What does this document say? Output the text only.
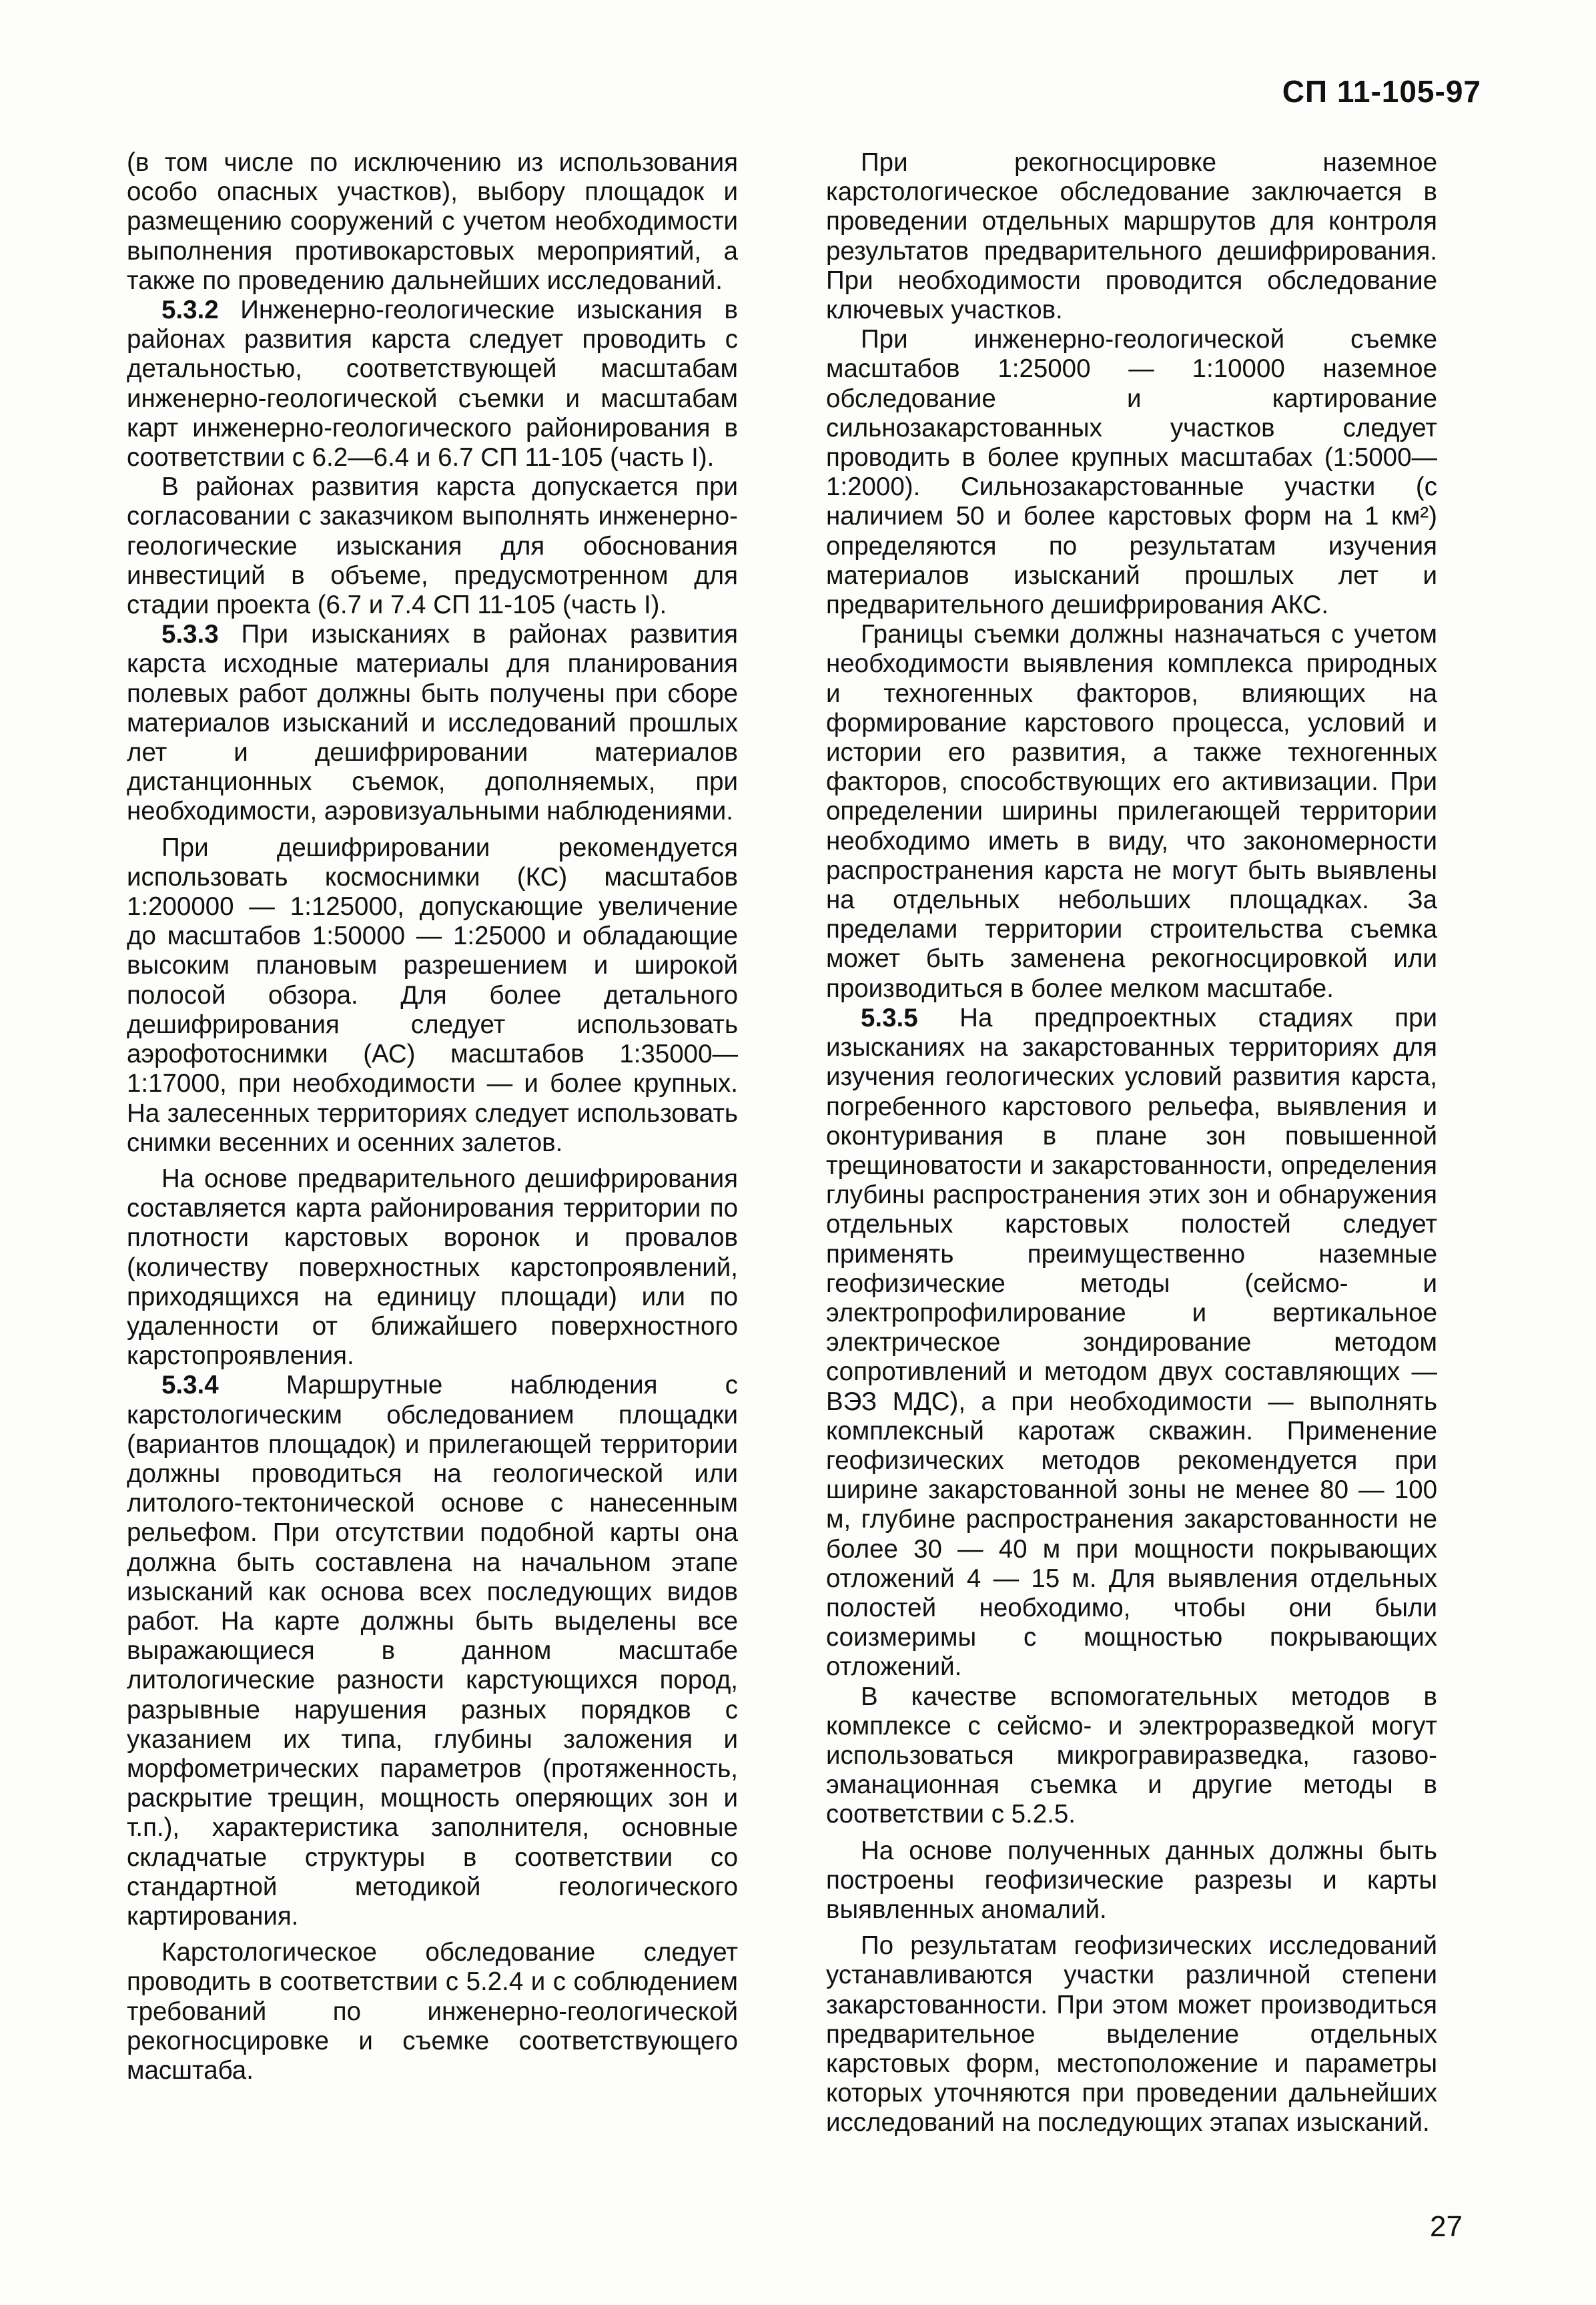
СП 11-105-97

(в том числе по исключению из использования особо опасных участков), выбору площадок и размещению сооружений с учетом необходимости выполнения противокарстовых мероприятий, а также по проведению дальнейших исследований.

5.3.2 Инженерно-геологические изыскания в районах развития карста следует проводить с детальностью, соответствующей масштабам инженерно-геологической съемки и масштабам карт инженерно-геологического районирования в соответствии с 6.2—6.4 и 6.7 СП 11-105 (часть I).

В районах развития карста допускается при согласовании с заказчиком выполнять инженерно-геологические изыскания для обоснования инвестиций в объеме, предусмотренном для стадии проекта (6.7 и 7.4 СП 11-105 (часть I).

5.3.3 При изысканиях в районах развития карста исходные материалы для планирования полевых работ должны быть получены при сборе материалов изысканий и исследований прошлых лет и дешифрировании материалов дистанционных съемок, дополняемых, при необходимости, аэровизуальными наблюдениями.

При дешифрировании рекомендуется использовать космоснимки (КС) масштабов 1:200000 — 1:125000, допускающие увеличение до масштабов 1:50000 — 1:25000 и обладающие высоким плановым разрешением и широкой полосой обзора. Для более детального дешифрирования следует использовать аэрофотоснимки (АС) масштабов 1:35000—1:17000, при необходимости — и более крупных. На залесенных территориях следует использовать снимки весенних и осенних залетов.

На основе предварительного дешифрирования составляется карта районирования территории по плотности карстовых воронок и провалов (количеству поверхностных карстопроявлений, приходящихся на единицу площади) или по удаленности от ближайшего поверхностного карстопроявления.

5.3.4 Маршрутные наблюдения с карстологическим обследованием площадки (вариантов площадок) и прилегающей территории должны проводиться на геологической или литолого-тектонической основе с нанесенным рельефом. При отсутствии подобной карты она должна быть составлена на начальном этапе изысканий как основа всех последующих видов работ. На карте должны быть выделены все выражающиеся в данном масштабе литологические разности карстующихся пород, разрывные нарушения разных порядков с указанием их типа, глубины заложения и морфометрических параметров (протяженность, раскрытие трещин, мощность оперяющих зон и т.п.), характеристика заполнителя, основные складчатые структуры в соответствии со стандартной методикой геологического картирования.

Карстологическое обследование следует проводить в соответствии с 5.2.4 и с соблюдением требований по инженерно-геологической рекогносцировке и съемке соответствующего масштаба.

При рекогносцировке наземное карстологическое обследование заключается в проведении отдельных маршрутов для контроля результатов предварительного дешифрирования. При необходимости проводится обследование ключевых участков.

При инженерно-геологической съемке масштабов 1:25000 — 1:10000 наземное обследование и картирование сильнозакарстованных участков следует проводить в более крупных масштабах (1:5000— 1:2000). Сильнозакарстованные участки (с наличием 50 и более карстовых форм на 1 км²) определяются по результатам изучения материалов изысканий прошлых лет и предварительного дешифрирования АКС.

Границы съемки должны назначаться с учетом необходимости выявления комплекса природных и техногенных факторов, влияющих на формирование карстового процесса, условий и истории его развития, а также техногенных факторов, способствующих его активизации. При определении ширины прилегающей территории необходимо иметь в виду, что закономерности распространения карста не могут быть выявлены на отдельных небольших площадках. За пределами территории строительства съемка может быть заменена рекогносцировкой или производиться в более мелком масштабе.

5.3.5 На предпроектных стадиях при изысканиях на закарстованных территориях для изучения геологических условий развития карста, погребенного карстового рельефа, выявления и оконтуривания в плане зон повышенной трещиноватости и закарстованности, определения глубины распространения этих зон и обнаружения отдельных карстовых полостей следует применять преимущественно наземные геофизические методы (сейсмо- и электропрофилирование и вертикальное электрическое зондирование методом сопротивлений и методом двух составляющих — ВЭЗ МДС), а при необходимости — выполнять комплексный каротаж скважин. Применение геофизических методов рекомендуется при ширине закарстованной зоны не менее 80 — 100 м, глубине распространения закарстованности не более 30 — 40 м при мощности покрывающих отложений 4 — 15 м. Для выявления отдельных полостей необходимо, чтобы они были соизмеримы с мощностью покрывающих отложений.

В качестве вспомогательных методов в комплексе с сейсмо- и электроразведкой могут использоваться микрогравиразведка, газово-эманационная съемка и другие методы в соответствии с 5.2.5.

На основе полученных данных должны быть построены геофизические разрезы и карты выявленных аномалий.

По результатам геофизических исследований устанавливаются участки различной степени закарстованности. При этом может производиться предварительное выделение отдельных карстовых форм, местоположение и параметры которых уточняются при проведении дальнейших исследований на последующих этапах изысканий.

27
